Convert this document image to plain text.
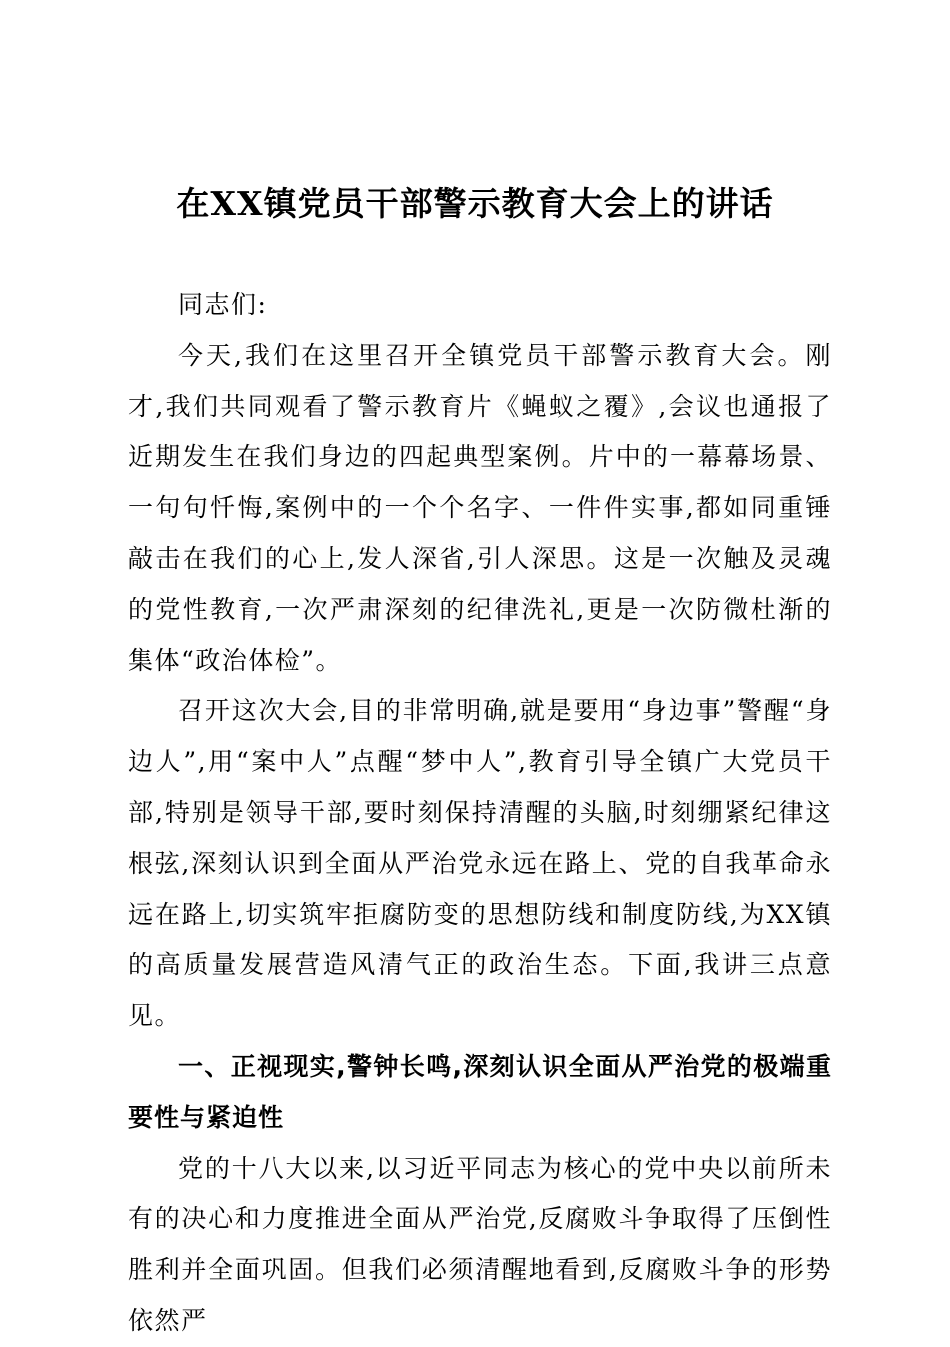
在XX镇党员干部警示教育大会上的讲话

同志们:

今天,我们在这里召开全镇党员干部警示教育大会。刚才,我们共同观看了警示教育片《蝇蚁之覆》,会议也通报了近期发生在我们身边的四起典型案例。片中的一幕幕场景、一句句忏悔,案例中的一个个名字、一件件实事,都如同重锤敲击在我们的心上,发人深省,引人深思。这是一次触及灵魂的党性教育,一次严肃深刻的纪律洗礼,更是一次防微杜渐的集体“政治体检”。

召开这次大会,目的非常明确,就是要用“身边事”警醒“身边人”,用“案中人”点醒“梦中人”,教育引导全镇广大党员干部,特别是领导干部,要时刻保持清醒的头脑,时刻绷紧纪律这根弦,深刻认识到全面从严治党永远在路上、党的自我革命永远在路上,切实筑牢拒腐防变的思想防线和制度防线,为XX镇的高质量发展营造风清气正的政治生态。下面,我讲三点意见。

一、正视现实,警钟长鸣,深刻认识全面从严治党的极端重要性与紧迫性

党的十八大以来,以习近平同志为核心的党中央以前所未有的决心和力度推进全面从严治党,反腐败斗争取得了压倒性胜利并全面巩固。但我们必须清醒地看到,反腐败斗争的形势依然严
